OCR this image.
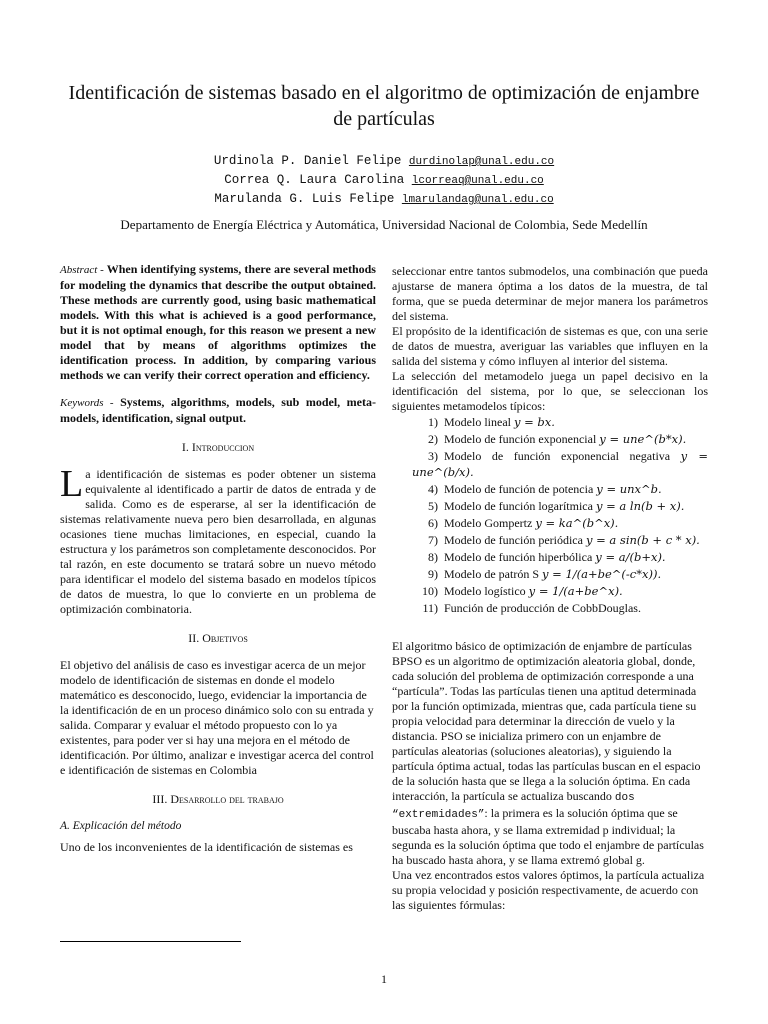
Identificación de sistemas basado en el algoritmo de optimización de enjambre de partículas
Urdinola P. Daniel Felipe durdinolap@unal.edu.co
Correa Q. Laura Carolina lcorreaq@unal.edu.co
Marulanda G. Luis Felipe lmarulandag@unal.edu.co
Departamento de Energía Eléctrica y Automática, Universidad Nacional de Colombia, Sede Medellín

Abstract - When identifying systems, there are several methods for modeling the dynamics that describe the output obtained. These methods are currently good, using basic mathematical models. With this what is achieved is a good performance, but it is not optimal enough, for this reason we present a new model that by means of algorithms optimizes the identification process. In addition, by comparing various methods we can verify their correct operation and efficiency.

Keywords - Systems, algorithms, models, sub model, meta-models, identification, signal output.

I. Introduccion

La identificación de sistemas es poder obtener un sistema equivalente al identificado a partir de datos de entrada y de salida. Como es de esperarse, al ser la identificación de sistemas relativamente nueva pero bien desarrollada, en algunas ocasiones tiene muchas limitaciones, en especial, cuando la estructura y los parámetros son completamente desconocidos. Por tal razón, en este documento se tratará sobre un nuevo método para identificar el modelo del sistema basado en modelos típicos de datos de muestra, lo que lo convierte en un problema de optimización combinatoria.

II. Objetivos

El objetivo del análisis de caso es investigar acerca de un mejor modelo de identificación de sistemas en donde el modelo matemático es desconocido, luego, evidenciar la importancia de la identificación de en un proceso dinámico solo con su entrada y salida. Comparar y evaluar el método propuesto con lo ya existentes, para poder ver si hay una mejora en el método de identificación. Por último, analizar e investigar acerca del control e identificación de sistemas en Colombia

III. Desarrollo del trabajo
A. Explicación del método

Uno de los inconvenientes de la identificación de sistemas es

seleccionar entre tantos submodelos, una combinación que pueda ajustarse de manera óptima a los datos de la muestra, de tal forma, que se pueda determinar de mejor manera los parámetros del sistema.

El propósito de la identificación de sistemas es que, con una serie de datos de muestra, averiguar las variables que influyen en la salida del sistema y cómo influyen al interior del sistema.

La selección del metamodelo juega un papel decisivo en la identificación del sistema, por lo que, se seleccionan los siguientes metamodelos típicos:

1) Modelo lineal y = bx.
2) Modelo de función exponencial y = une^(b*x).
3) Modelo de función exponencial negativa y = une^(b/x).
4) Modelo de función de potencia y = unx^b.
5) Modelo de función logarítmica y = a ln(b + x).
6) Modelo Gompertz y = ka^(b^x).
7) Modelo de función periódica y = a sin(b + c * x).
8) Modelo de función hiperbólica y = a/(b+x).
9) Modelo de patrón S y = 1/(a+be^(-c*x)).
10) Modelo logístico y = 1/(a+be^x).
11) Función de producción de CobbDouglas.

El algoritmo básico de optimización de enjambre de partículas BPSO es un algoritmo de optimización aleatoria global, donde, cada solución del problema de optimización corresponde a una “partícula”. Todas las partículas tienen una aptitud determinada por la función optimizada, mientras que, cada partícula tiene su propia velocidad para determinar la dirección de vuelo y la distancia. PSO se inicializa primero con un enjambre de partículas aleatorias (soluciones aleatorias), y siguiendo la partícula óptima actual, todas las partículas buscan en el espacio de la solución hasta que se llega a la solución óptima. En cada interacción, la partícula se actualiza buscando dos “extremidades”: la primera es la solución óptima que se buscaba hasta ahora, y se llama extremidad p individual; la segunda es la solución óptima que todo el enjambre de partículas ha buscado hasta ahora, y se llama extremó global g.

Una vez encontrados estos valores óptimos, la partícula actualiza su propia velocidad y posición respectivamente, de acuerdo con las siguientes fórmulas:

1
